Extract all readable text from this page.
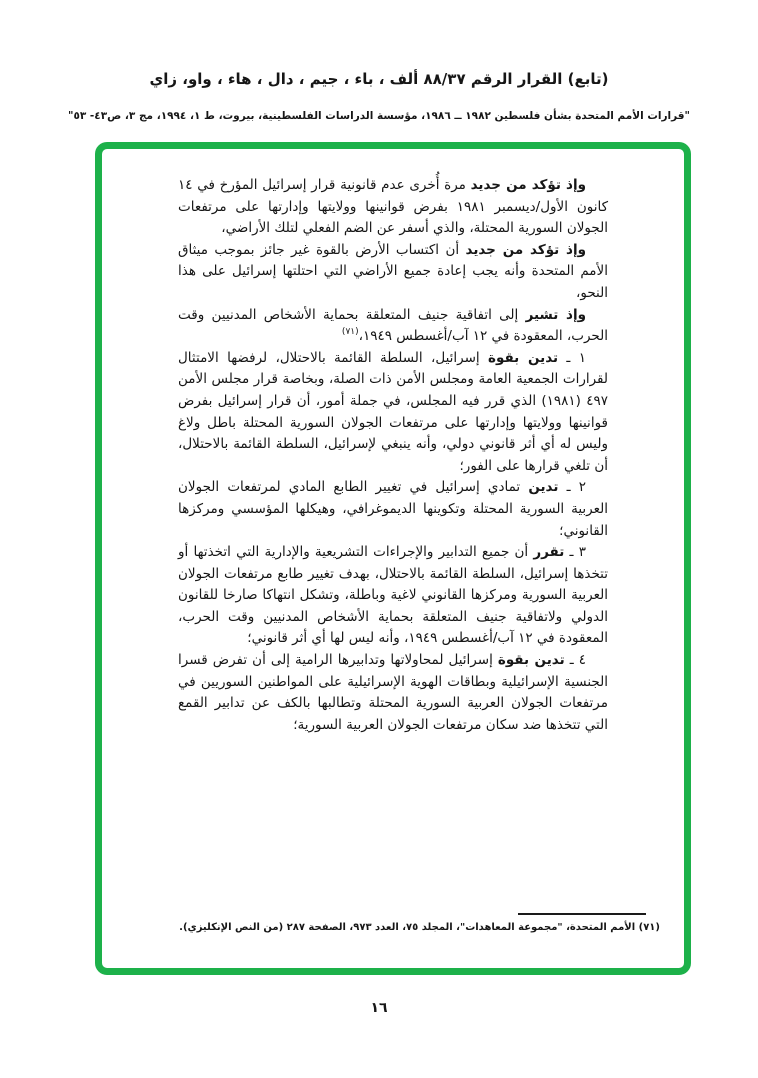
(تابع) القرار الرقم ٨٨/٣٧ ألف ، باء ، جيم ، دال ، هاء ، واو، زاي
"قرارات الأمم المتحدة بشأن فلسطين ١٩٨٢ ــ ١٩٨٦، مؤسسة الدراسات الفلسطينية، بيروت، ط ١، ١٩٩٤، مج ٣، ص٤٣- ٥٣"

وإذ تؤكد من جديد مرة أُخرى عدم قانونية قرار إسرائيل المؤرخ في ١٤ كانون الأول/ديسمبر ١٩٨١ بفرض قوانينها وولايتها وإدارتها على مرتفعات الجولان السورية المحتلة، والذي أسفر عن الضم الفعلي لتلك الأراضي،

وإذ تؤكد من جديد أن اكتساب الأرض بالقوة غير جائز بموجب ميثاق الأمم المتحدة وأنه يجب إعادة جميع الأراضي التي احتلتها إسرائيل على هذا النحو،

وإذ تشير إلى اتفاقية جنيف المتعلقة بحماية الأشخاص المدنيين وقت الحرب، المعقودة في ١٢ آب/أغسطس ١٩٤٩،$^{(٧١)}$

١ ـ تدين بقوة إسرائيل، السلطة القائمة بالاحتلال، لرفضها الامتثال لقرارات الجمعية العامة ومجلس الأمن ذات الصلة، وبخاصة قرار مجلس الأمن ٤٩٧ (١٩٨١) الذي قرر فيه المجلس، في جملة أمور، أن قرار إسرائيل بفرض قوانينها وولايتها وإدارتها على مرتفعات الجولان السورية المحتلة باطل ولاغ وليس له أي أثر قانوني دولي، وأنه ينبغي لإسرائيل، السلطة القائمة بالاحتلال، أن تلغي قرارها على الفور؛

٢ ـ تدين تمادي إسرائيل في تغيير الطابع المادي لمرتفعات الجولان العربية السورية المحتلة وتكوينها الديموغرافي، وهيكلها المؤسسي ومركزها القانوني؛

٣ ـ تقرر أن جميع التدابير والإجراءات التشريعية والإدارية التي اتخذتها أو تتخذها إسرائيل، السلطة القائمة بالاحتلال، بهدف تغيير طابع مرتفعات الجولان العربية السورية ومركزها القانوني لاغية وباطلة، وتشكل انتهاكا صارخا للقانون الدولي ولاتفاقية جنيف المتعلقة بحماية الأشخاص المدنيين وقت الحرب، المعقودة في ١٢ آب/أغسطس ١٩٤٩، وأنه ليس لها أي أثر قانوني؛

٤ ـ تدين بقوة إسرائيل لمحاولاتها وتدابيرها الرامية إلى أن تفرض قسرا الجنسية الإسرائيلية وبطاقات الهوية الإسرائيلية على المواطنين السوريين في مرتفعات الجولان العربية السورية المحتلة وتطالبها بالكف عن تدابير القمع التي تتخذها ضد سكان مرتفعات الجولان العربية السورية؛

(٧١) الأمم المتحدة، "مجموعة المعاهدات"، المجلد ٧٥، العدد ٩٧٣، الصفحة ٢٨٧ (من النص الإنكليزي).
١٦
